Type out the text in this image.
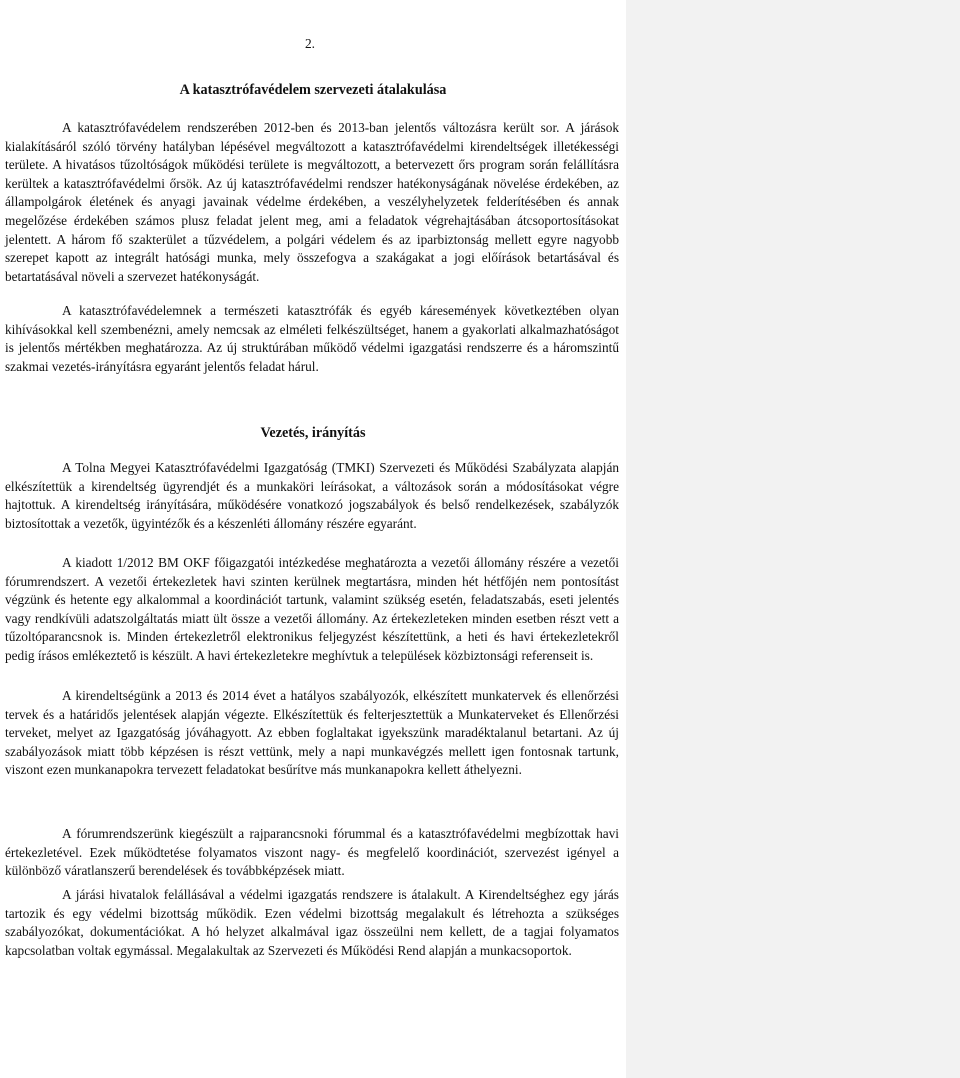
2.
A katasztrófavédelem szervezeti átalakulása

A katasztrófavédelem rendszerében 2012-ben és 2013-ban jelentős változásra került sor. A járások kialakításáról szóló törvény hatályban lépésével megváltozott a katasztrófavédelmi kirendeltségek illetékességi területe. A hivatásos tűzoltóságok működési területe is megváltozott, a betervezett őrs program során felállításra kerültek a katasztrófavédelmi őrsök. Az új katasztrófavédelmi rendszer hatékonyságának növelése érdekében, az állampolgárok életének és anyagi javainak védelme érdekében, a veszélyhelyzetek felderítésében és annak megelőzése érdekében számos plusz feladat jelent meg, ami a feladatok végrehajtásában átcsoportosításokat jelentett. A három fő szakterület a tűzvédelem, a polgári védelem és az iparbiztonság mellett egyre nagyobb szerepet kapott az integrált hatósági munka, mely összefogva a szakágakat a jogi előírások betartásával és betartatásával növeli a szervezet hatékonyságát.

A katasztrófavédelemnek a természeti katasztrófák és egyéb káresemények következtében olyan kihívásokkal kell szembenézni, amely nemcsak az elméleti felkészültséget, hanem a gyakorlati alkalmazhatóságot is jelentős mértékben meghatározza. Az új struktúrában működő védelmi igazgatási rendszerre és a háromszintű szakmai vezetés-irányításra egyaránt jelentős feladat hárul.

Vezetés, irányítás

A Tolna Megyei Katasztrófavédelmi Igazgatóság (TMKI) Szervezeti és Működési Szabályzata alapján elkészítettük a kirendeltség ügyrendjét és a munkaköri leírásokat, a változások során a módosításokat végre hajtottuk. A kirendeltség irányítására, működésére vonatkozó jogszabályok és belső rendelkezések, szabályzók biztosítottak a vezetők, ügyintézők és a készenléti állomány részére egyaránt.

A kiadott 1/2012 BM OKF főigazgatói intézkedése meghatározta a vezetői állomány részére a vezetői fórumrendszert. A vezetői értekezletek havi szinten kerülnek megtartásra, minden hét hétfőjén nem pontosítást végzünk és hetente egy alkalommal a koordinációt tartunk, valamint szükség esetén, feladatszabás, eseti jelentés vagy rendkívüli adatszolgáltatás miatt ült össze a vezetői állomány. Az értekezleteken minden esetben részt vett a tűzoltóparancsnok is. Minden értekezletről elektronikus feljegyzést készítettünk, a heti és havi értekezletekről pedig írásos emlékeztető is készült. A havi értekezletekre meghívtuk a települések közbiztonsági referenseit is.

A kirendeltségünk a 2013 és 2014 évet a hatályos szabályozók, elkészített munkatervek és ellenőrzési tervek és a határidős jelentések alapján végezte. Elkészítettük és felterjesztettük a Munkaterveket és Ellenőrzési terveket, melyet az Igazgatóság jóváhagyott. Az ebben foglaltakat igyekszünk maradéktalanul betartani. Az új szabályozások miatt több képzésen is részt vettünk, mely a napi munkavégzés mellett igen fontosnak tartunk, viszont ezen munkanapokra tervezett feladatokat besűrítve más munkanapokra kellett áthelyezni.

A fórumrendszerünk kiegészült a rajparancsnoki fórummal és a katasztrófavédelmi megbízottak havi értekezletével. Ezek működtetése folyamatos viszont nagy- és megfelelő koordinációt, szervezést igényel a különböző váratlanszerű berendelések és továbbképzések miatt.

A járási hivatalok felállásával a védelmi igazgatás rendszere is átalakult. A Kirendeltséghez egy járás tartozik és egy védelmi bizottság működik. Ezen védelmi bizottság megalakult és létrehozta a szükséges szabályozókat, dokumentációkat. A hó helyzet alkalmával igaz összeülni nem kellett, de a tagjai folyamatos kapcsolatban voltak egymással. Megalakultak az Szervezeti és Működési Rend alapján a munkacsoportok.
